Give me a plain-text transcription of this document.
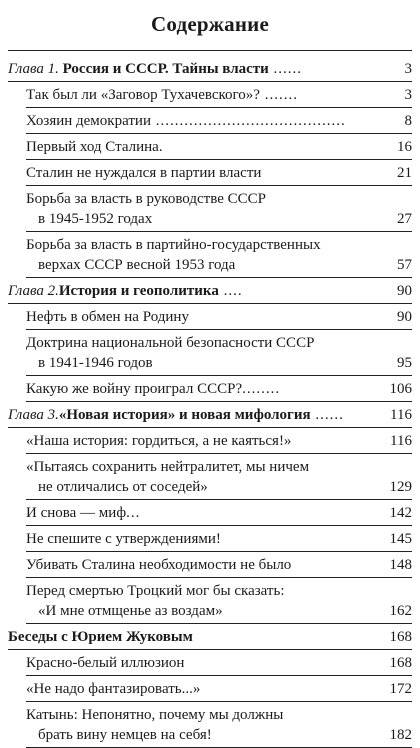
Содержание
Глава 1. Россия и СССР. Тайны власти ......	3
Так был ли «Заговор Тухачевского»? .......	3
Хозяин демократии ........................................	8
Первый ход Сталина.	16
Сталин не нуждался в партии власти	21
Борьба за власть в руководстве СССР
в 1945-1952 годах	27
Борьба за власть в партийно-государственных
верхах СССР весной 1953 года	57
Глава 2.История и геополитика ....	90
Нефть в обмен на Родину	90
Доктрина национальной безопасности СССР
в 1941-1946 годов	95
Какую же войну проиграл СССР?........	106
Глава 3.«Новая история» и новая мифология ......	116
«Наша история: гордиться, а не каяться!»	116
«Пытаясь сохранить нейтралитет, мы ничем
не отличались от соседей»	129
И снова — миф...	142
Не спешите с утверждениями!	145
Убивать Сталина необходимости не было	148
Перед смертью Троцкий мог бы сказать:
«И мне отмщенье аз воздам»	162
Беседы с Юрием Жуковым	168
Красно-белый иллюзион	168
«Не надо фантазировать...»	172
Катынь: Непонятно, почему мы должны
брать вину немцев на себя!	182
